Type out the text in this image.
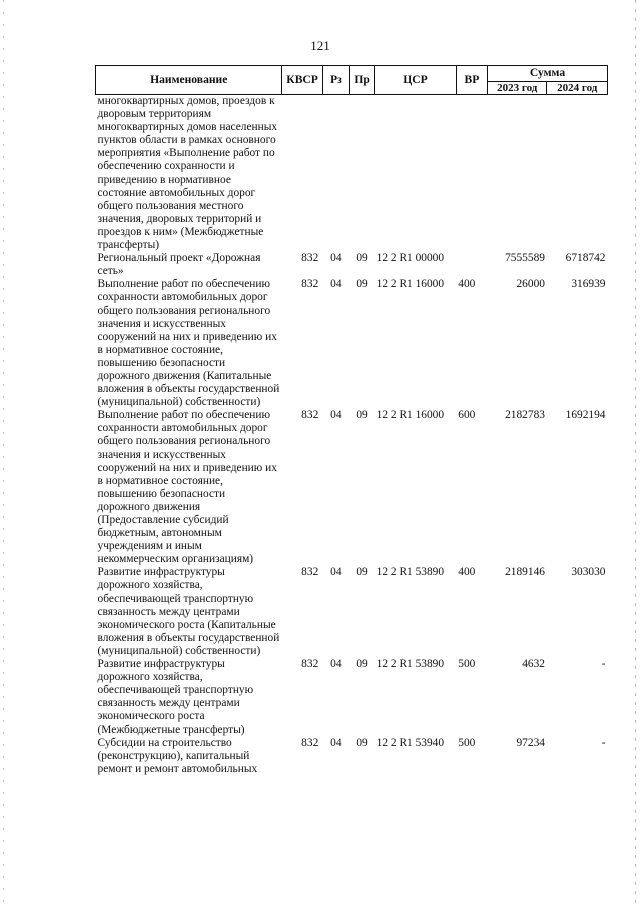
121
Наименование	КВСР	Рз	Пр	ЦСР	ВР	Сумма	
						2023 год	2024 год
многоквартирных домов, проездов к дворовым территориям многоквартирных домов населенных пунктов области в рамках основного мероприятия «Выполнение работ по обеспечению сохранности и приведению в нормативное состояние автомобильных дорог общего пользования местного значения, дворовых территорий и проездов к ним» (Межбюджетные трансферты)							
Региональный проект «Дорожная сеть»	832	04	09	12 2 R1 00000		7555589	6718742
Выполнение работ по обеспечению сохранности автомобильных дорог общего пользования регионального значения и искусственных сооружений на них и приведению их в нормативное состояние, повышению безопасности дорожного движения (Капитальные вложения в объекты государственной (муниципальной) собственности)	832	04	09	12 2 R1 16000	400	26000	316939
Выполнение работ по обеспечению сохранности автомобильных дорог общего пользования регионального значения и искусственных сооружений на них и приведению их в нормативное состояние, повышению безопасности дорожного движения (Предоставление субсидий бюджетным, автономным учреждениям и иным некоммерческим организациям)	832	04	09	12 2 R1 16000	600	2182783	1692194
Развитие инфраструктуры дорожного хозяйства, обеспечивающей транспортную связанность между центрами экономического роста (Капитальные вложения в объекты государственной (муниципальной) собственности)	832	04	09	12 2 R1 53890	400	2189146	303030
Развитие инфраструктуры дорожного хозяйства, обеспечивающей транспортную связанность между центрами экономического роста (Межбюджетные трансферты)	832	04	09	12 2 R1 53890	500	4632	-
Субсидии на строительство (реконструкцию), капитальный ремонт и ремонт автомобильных	832	04	09	12 2 R1 53940	500	97234	-
